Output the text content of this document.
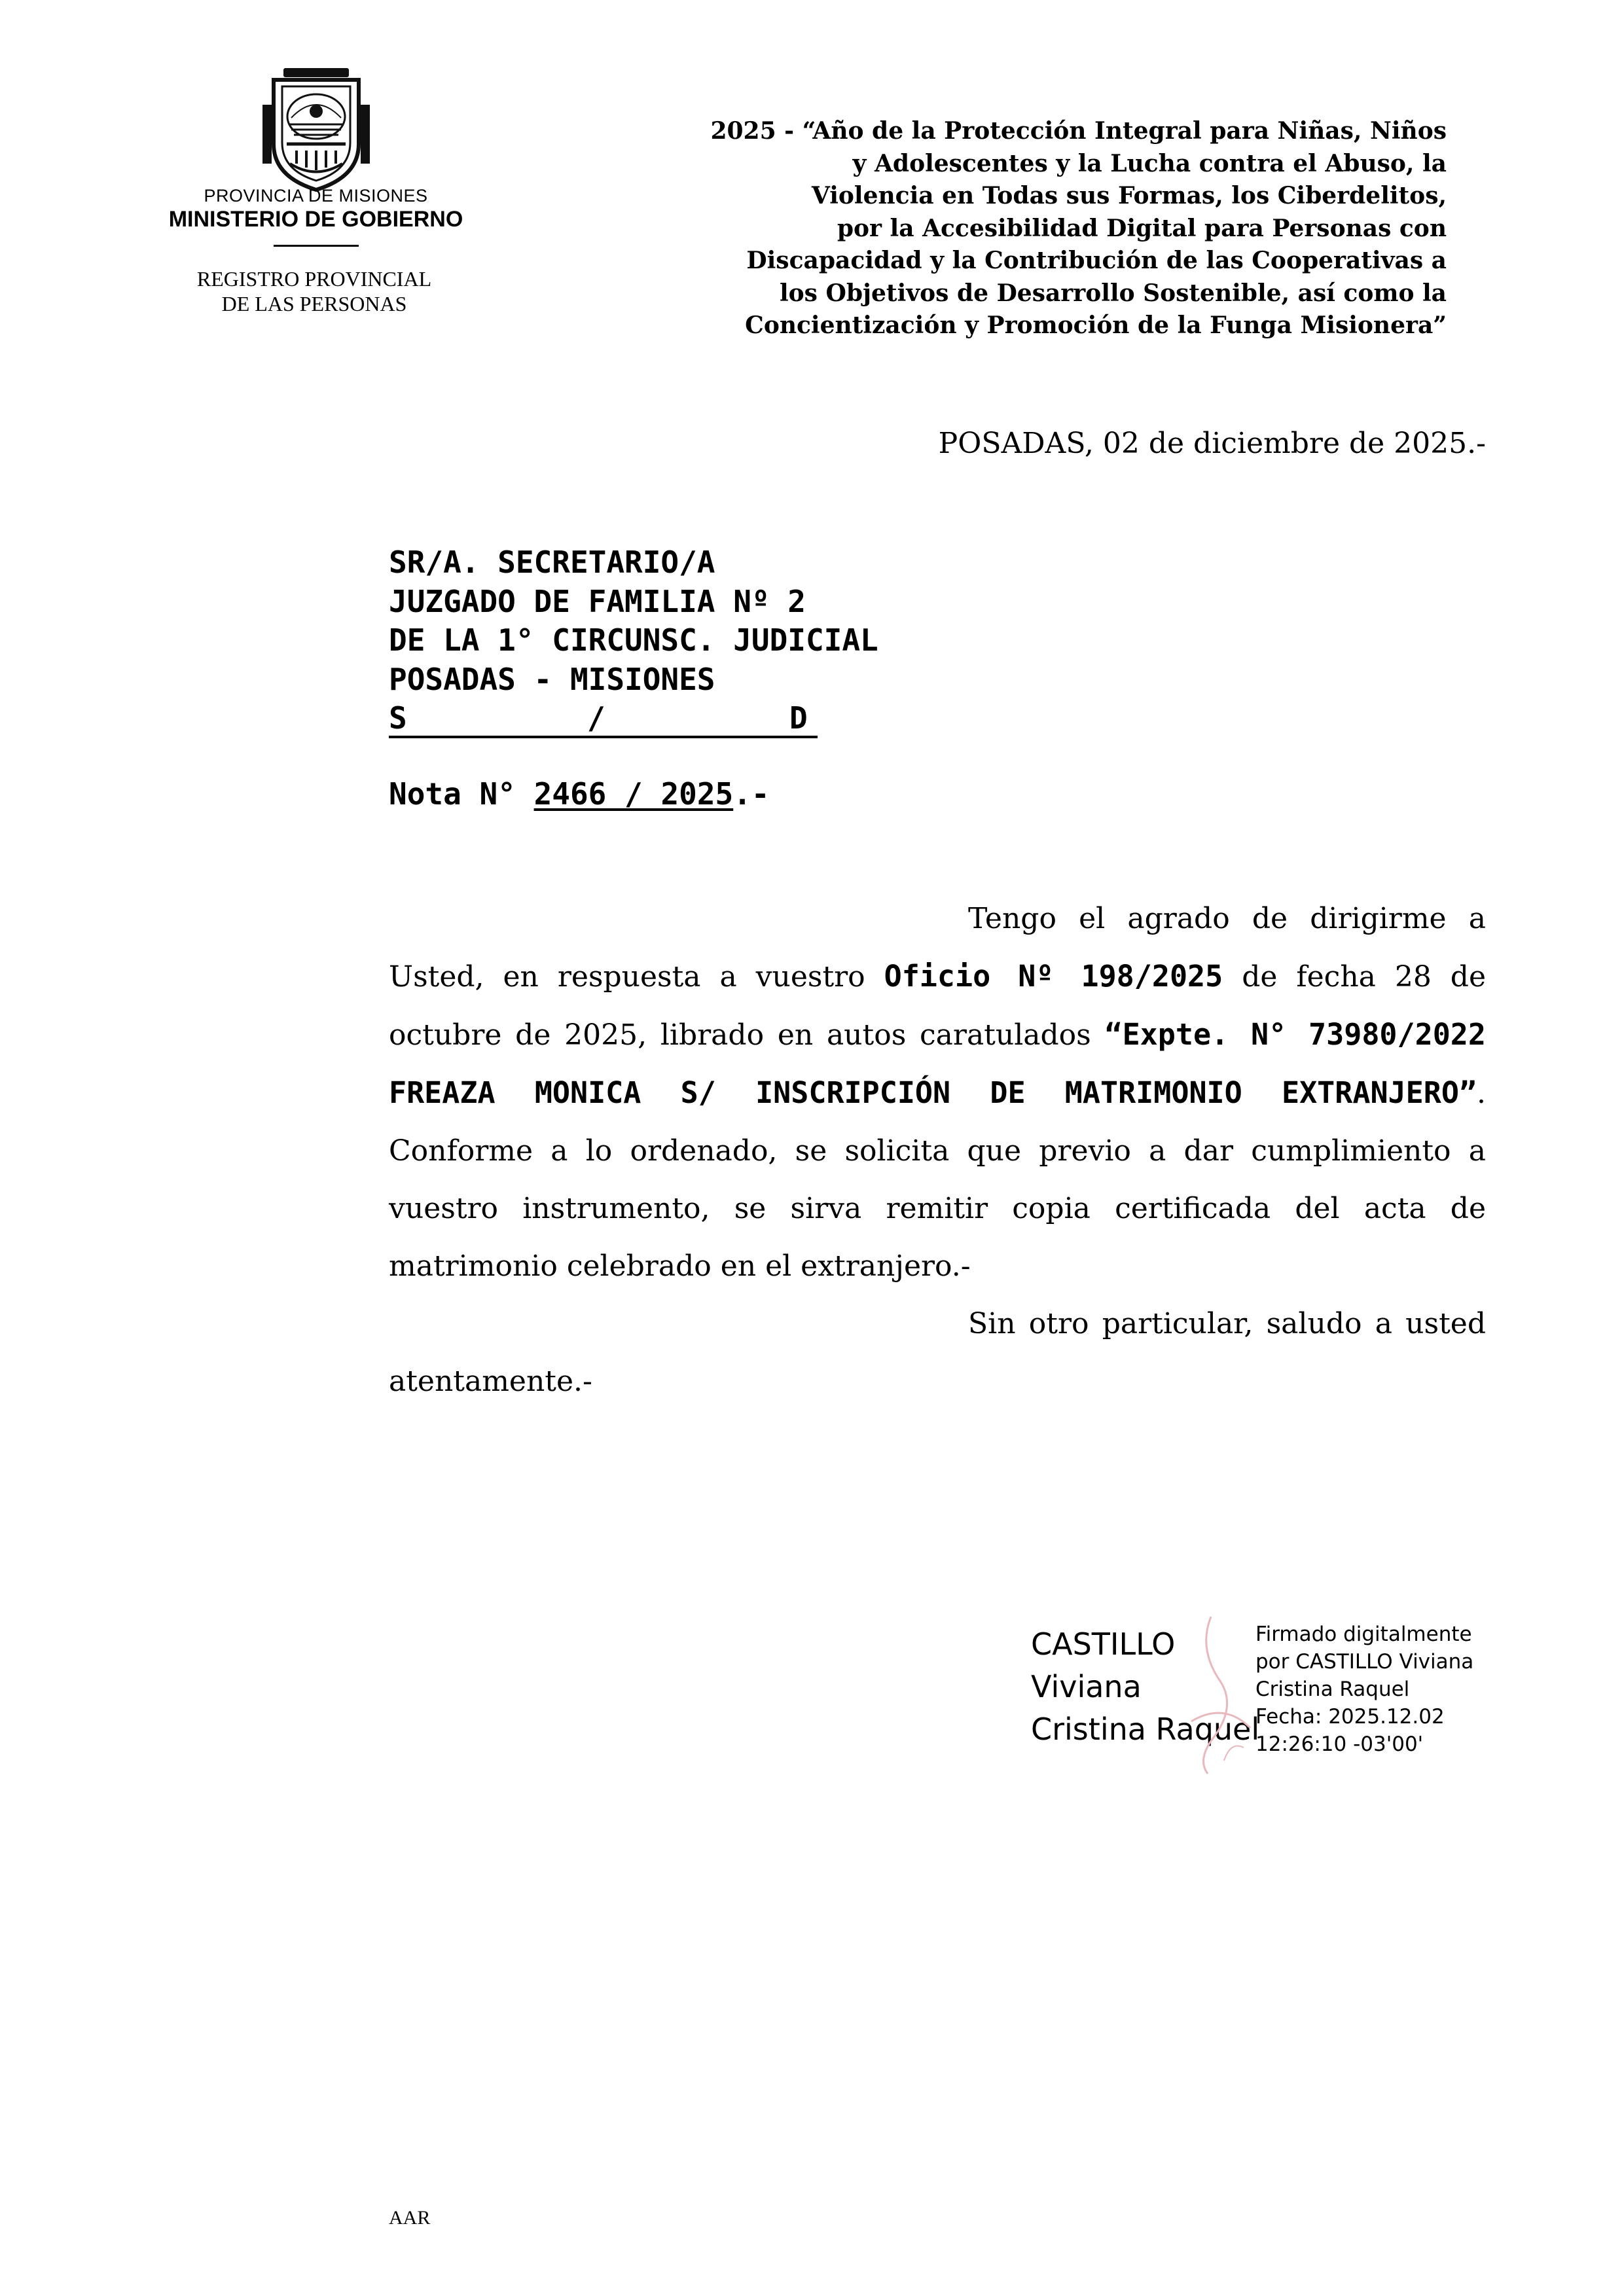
PROVINCIA DE MISIONES
MINISTERIO DE GOBIERNO
REGISTRO PROVINCIAL
DE LAS PERSONAS
2025 - “Año de la Protección Integral para Niñas, Niños
y Adolescentes y la Lucha contra el Abuso, la
Violencia en Todas sus Formas, los Ciberdelitos,
por la Accesibilidad Digital para Personas con
Discapacidad y la Contribución de las Cooperativas a
los Objetivos de Desarrollo Sostenible, así como la
Concientización y Promoción de la Funga Misionera”
POSADAS, 02 de diciembre de 2025.-
SR/A. SECRETARIO/A
JUZGADO DE FAMILIA Nº 2
DE LA 1° CIRCUNSC. JUDICIAL
POSADAS - MISIONES
S	/	D
Nota N° 2466 / 2025.-

Tengo el agrado de dirigirme a Usted, en respuesta a vuestro Oficio Nº 198/2025 de fecha 28 de octubre de 2025, librado en autos caratulados “Expte. N° 73980/2022 FREAZA MONICA S/ INSCRIPCIÓN DE MATRIMONIO EXTRANJERO”. Conforme a lo ordenado, se solicita que previo a dar cumplimiento a vuestro instrumento, se sirva remitir copia certificada del acta de matrimonio celebrado en el extranjero.-

Sin otro particular, saludo a usted atentamente.-

CASTILLO
Viviana
Cristina Raquel
Firmado digitalmente
por CASTILLO Viviana
Cristina Raquel
Fecha: 2025.12.02
12:26:10 -03'00'
AAR
